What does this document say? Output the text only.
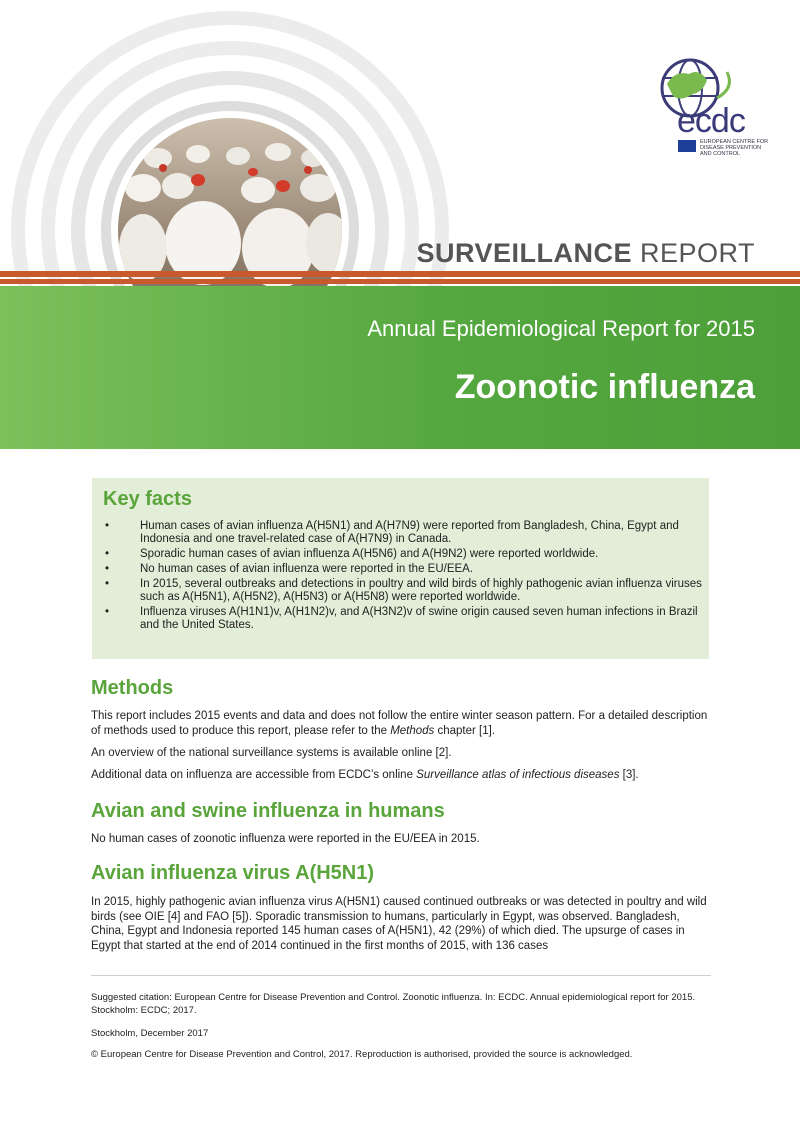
ecdc
EUROPEAN CENTRE FOR DISEASE PREVENTION AND CONTROL
SURVEILLANCE REPORT
Annual Epidemiological Report for 2015
Zoonotic influenza
Key facts
• Human cases of avian influenza A(H5N1) and A(H7N9) were reported from Bangladesh, China, Egypt and Indonesia and one travel-related case of A(H7N9) in Canada.
• Sporadic human cases of avian influenza A(H5N6) and A(H9N2) were reported worldwide.
• No human cases of avian influenza were reported in the EU/EEA.
• In 2015, several outbreaks and detections in poultry and wild birds of highly pathogenic avian influenza viruses such as A(H5N1), A(H5N2), A(H5N3) or A(H5N8) were reported worldwide.
• Influenza viruses A(H1N1)v, A(H1N2)v, and A(H3N2)v of swine origin caused seven human infections in Brazil and the United States.
Methods

This report includes 2015 events and data and does not follow the entire winter season pattern. For a detailed description of methods used to produce this report, please refer to the Methods chapter [1].

An overview of the national surveillance systems is available online [2].

Additional data on influenza are accessible from ECDC’s online Surveillance atlas of infectious diseases [3].

Avian and swine influenza in humans

No human cases of zoonotic influenza were reported in the EU/EEA in 2015.

Avian influenza virus A(H5N1)

In 2015, highly pathogenic avian influenza virus A(H5N1) caused continued outbreaks or was detected in poultry and wild birds (see OIE [4] and FAO [5]). Sporadic transmission to humans, particularly in Egypt, was observed. Bangladesh, China, Egypt and Indonesia reported 145 human cases of A(H5N1), 42 (29%) of which died. The upsurge of cases in Egypt that started at the end of 2014 continued in the first months of 2015, with 136 cases

Suggested citation: European Centre for Disease Prevention and Control. Zoonotic influenza. In: ECDC. Annual epidemiological report for 2015. Stockholm: ECDC; 2017.

Stockholm, December 2017

© European Centre for Disease Prevention and Control, 2017. Reproduction is authorised, provided the source is acknowledged.
